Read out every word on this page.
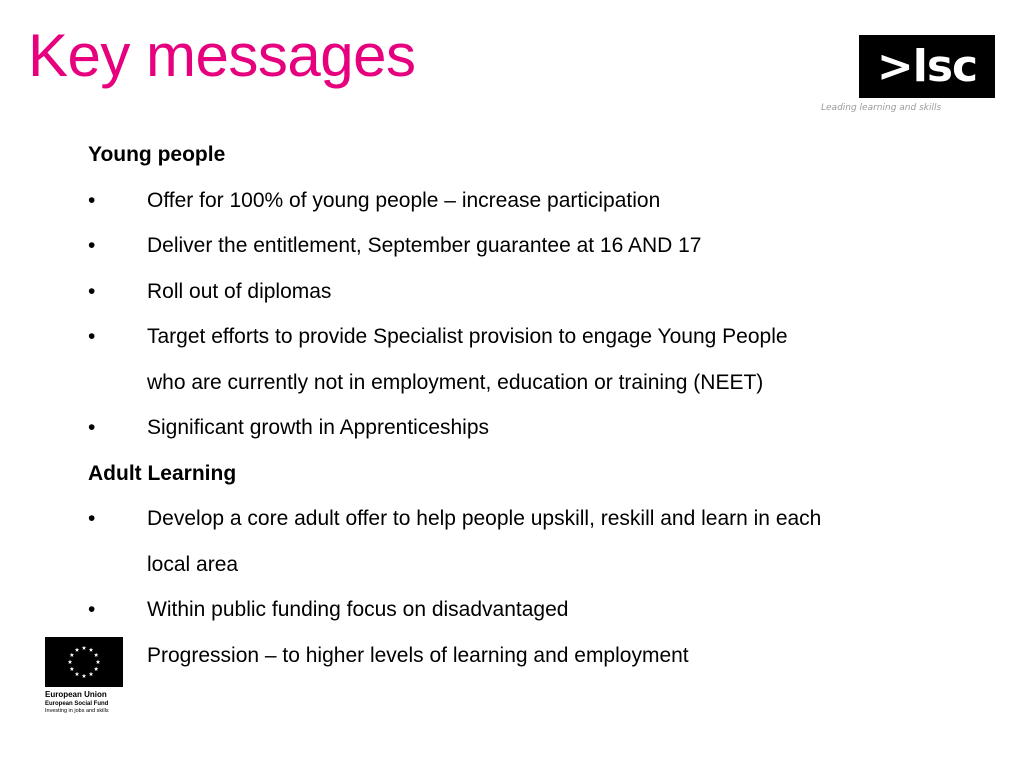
Key messages	>lsc
Leading learning and skills
Young people
• Offer for 100% of young people – increase participation
• Deliver the entitlement, September guarantee at 16 AND 17
• Roll out of diplomas
• Target efforts to provide Specialist provision to engage Young People
who are currently not in employment, education or training (NEET)
• Significant growth in Apprenticeships
Adult Learning
• Develop a core adult offer to help people upskill, reskill and learn in each
local area
• Within public funding focus on disadvantaged
Progression – to higher levels of learning and employment
European Union
European Social Fund
Investing in jobs and skills
